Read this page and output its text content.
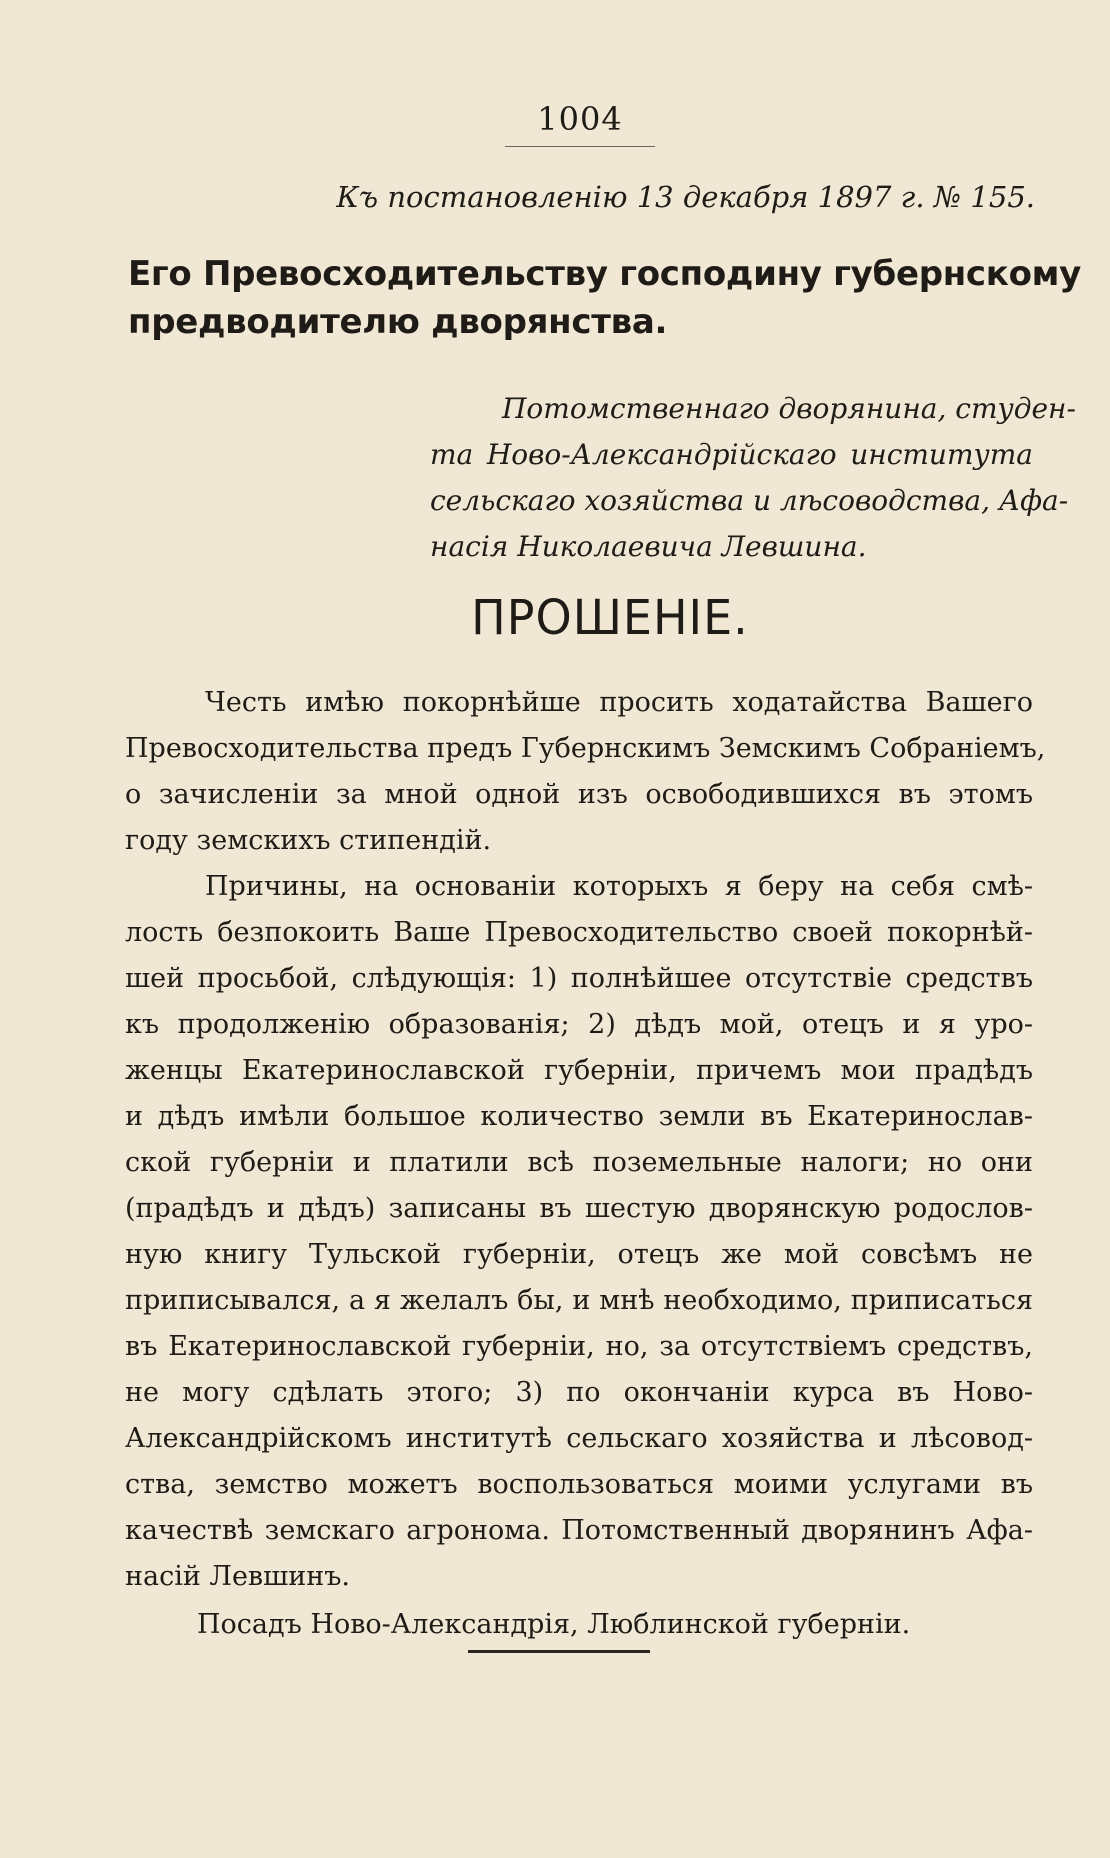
1004
Къ постановленію 13 декабря 1897 г. № 155.
Его Превосходительству господину губернскому
предводителю дворянства.
Потомственнаго дворянина, студен-
та Ново-Александрійскаго института
сельскаго хозяйства и лѣсоводства, Афа-
насія Николаевича Левшина.
ПРОШЕНІЕ.
Честь имѣю покорнѣйше просить ходатайства Вашего
Превосходительства предъ Губернскимъ Земскимъ Собраніемъ,
о зачисленіи за мной одной изъ освободившихся въ этомъ
году земскихъ стипендій.
Причины, на основаніи которыхъ я беру на себя смѣ-
лость безпокоить Ваше Превосходительство своей покорнѣй-
шей просьбой, слѣдующія: 1) полнѣйшее отсутствіе средствъ
къ продолженію образованія; 2) дѣдъ мой, отецъ и я уро-
женцы Екатеринославской губерніи, причемъ мои прадѣдъ
и дѣдъ имѣли большое количество земли въ Екатеринослав-
ской губерніи и платили всѣ поземельные налоги; но они
(прадѣдъ и дѣдъ) записаны въ шестую дворянскую родослов-
ную книгу Тульской губерніи, отецъ же мой совсѣмъ не
приписывался, а я желалъ бы, и мнѣ необходимо, приписаться
въ Екатеринославской губерніи, но, за отсутствіемъ средствъ,
не могу сдѣлать этого; 3) по окончаніи курса въ Ново-
Александрійскомъ институтѣ сельскаго хозяйства и лѣсовод-
ства, земство можетъ воспользоваться моими услугами въ
качествѣ земскаго агронома. Потомственный дворянинъ Афа-
насій Левшинъ.
Посадъ Ново-Александрія, Люблинской губерніи.
